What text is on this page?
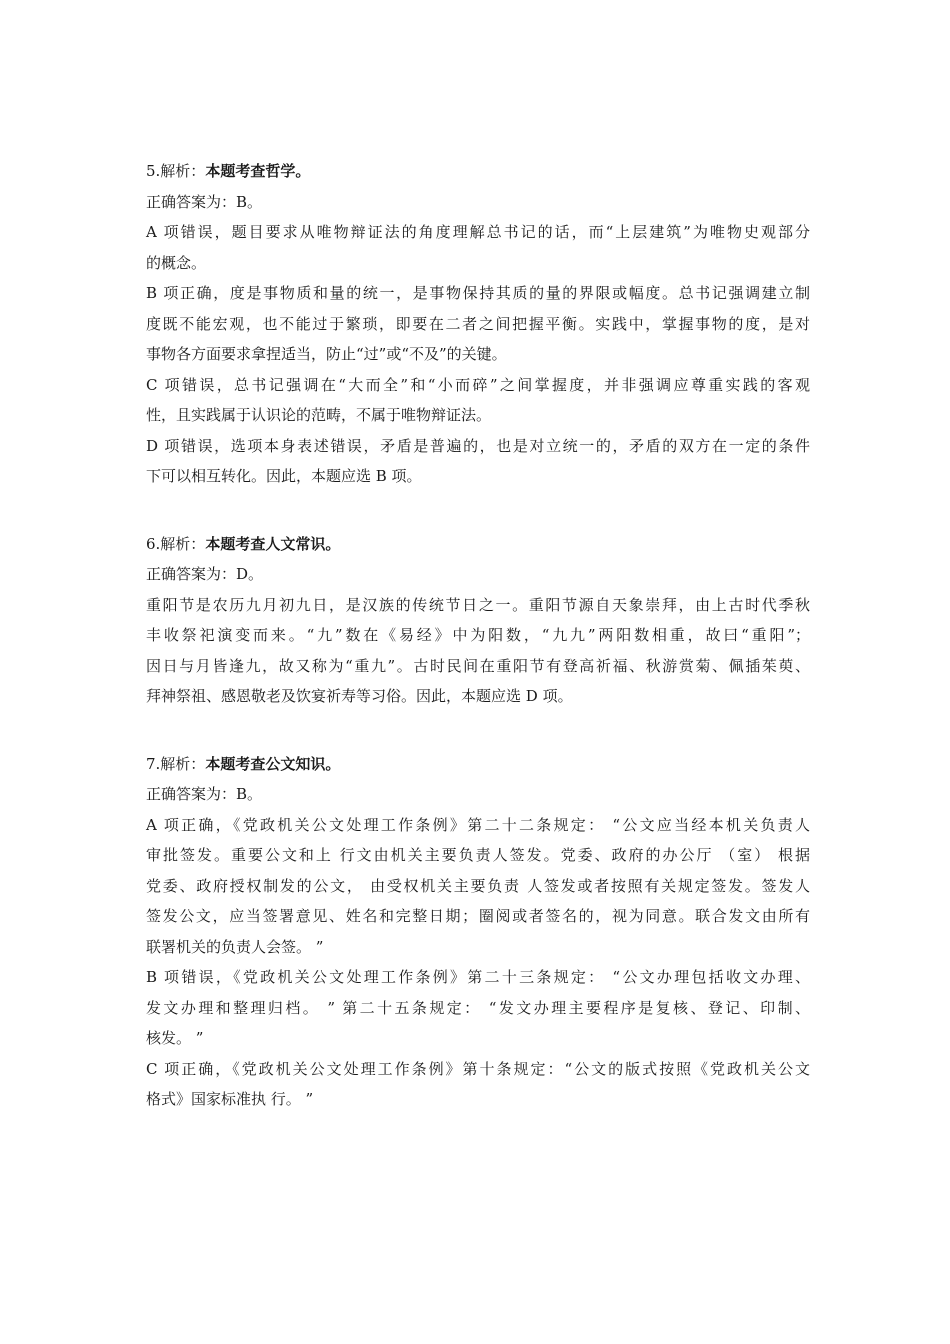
5.解析：本题考查哲学。
正确答案为：B。
A 项错误，题目要求从唯物辩证法的角度理解总书记的话，而“上层建筑”为唯物史观部分
的概念。
B 项正确，度是事物质和量的统一，是事物保持其质的量的界限或幅度。总书记强调建立制
度既不能宏观，也不能过于繁琐，即要在二者之间把握平衡。实践中，掌握事物的度，是对
事物各方面要求拿捏适当，防止“过”或“不及”的关键。
C 项错误，总书记强调在“大而全”和“小而碎”之间掌握度，并非强调应尊重实践的客观
性，且实践属于认识论的范畴，不属于唯物辩证法。
D 项错误，选项本身表述错误，矛盾是普遍的，也是对立统一的，矛盾的双方在一定的条件
下可以相互转化。因此，本题应选 B 项。
6.解析：本题考查人文常识。
正确答案为：D。
重阳节是农历九月初九日，是汉族的传统节日之一。重阳节源自天象崇拜，由上古时代季秋
丰收祭祀演变而来。“九”数在《易经》中为阳数，“九九”两阳数相重，故曰“重阳”；
因日与月皆逢九，故又称为“重九”。古时民间在重阳节有登高祈福、秋游赏菊、佩插茱萸、
拜神祭祖、感恩敬老及饮宴祈寿等习俗。因此，本题应选 D 项。
7.解析：本题考查公文知识。
正确答案为：B。
A 项正确，《党政机关公文处理工作条例》第二十二条规定： “公文应当经本机关负责人
审批签发。重要公文和上 行文由机关主要负责人签发。党委、政府的办公厅 （室） 根据
党委、政府授权制发的公文， 由受权机关主要负责 人签发或者按照有关规定签发。签发人
签发公文，应当签署意见、姓名和完整日期；圈阅或者签名的，视为同意。联合发文由所有
联署机关的负责人会签。 ”
B 项错误，《党政机关公文处理工作条例》第二十三条规定： “公文办理包括收文办理、
发文办理和整理归档。 ” 第二十五条规定： “发文办理主要程序是复核、登记、印制、
核发。 ”
C 项正确，《党政机关公文处理工作条例》第十条规定：“公文的版式按照《党政机关公文
格式》国家标准执 行。 ”
